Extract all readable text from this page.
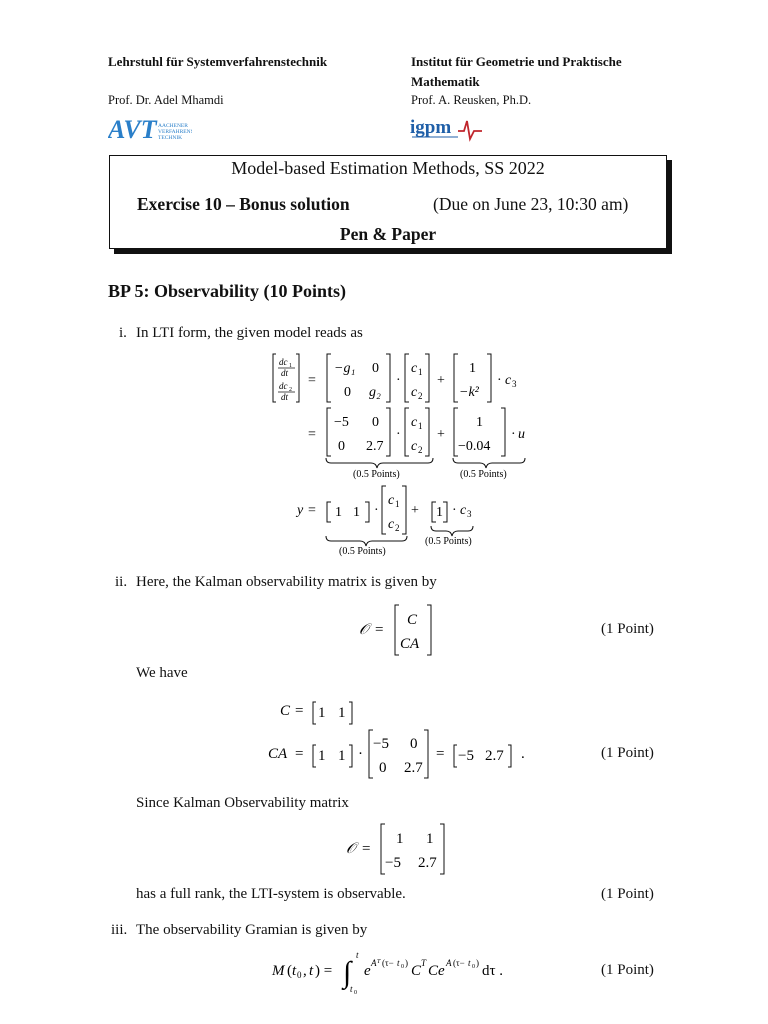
Lehrstuhl für Systemverfahrenstechnik
Prof. Dr. Adel Mhamdi
AVT AACHENER
VERFAHRENS-
TECHNIK
Institut für Geometrie und Praktische
Mathematik
Prof. A. Reusken, Ph.D.
igpm
Model-based Estimation Methods, SS 2022
Exercise 10 – Bonus solution	(Due on June 23, 10:30 am)
Pen & Paper
BP 5: Observability (10 Points)
i. In LTI form, the given model reads as
dc 1
dt
dc 2
dt
=
−g₁ 0
0 g₂
·
c 1
c 2
+
1
−k²
· c 3
=
−5 0
0 2.7
·
c 1
c 2
+
1
−0.04
· u
(0.5 Points)	(0.5 Points)
y = 1 1 ·
c 1
c 2
+ 1 · c 3
(0.5 Points)
(0.5 Points)
ii. Here, the Kalman observability matrix is given by
𝒪 =
C
CA
(1 Point)
We have
C = 1 1
CA = 1 1 ·
−5 0
0 2.7
= −5 2.7 .	(1 Point)
Since Kalman Observability matrix
𝒪 =
1 1
−5 2.7
has a full rank, the LTI-system is observable.	(1 Point)
iii. The observability Gramian is given by
M ( t 0 , t ) = ∫
t
t 0
e A T (τ− t 0 ) C T Ce A (τ− t 0 ) dτ .	(1 Point)
